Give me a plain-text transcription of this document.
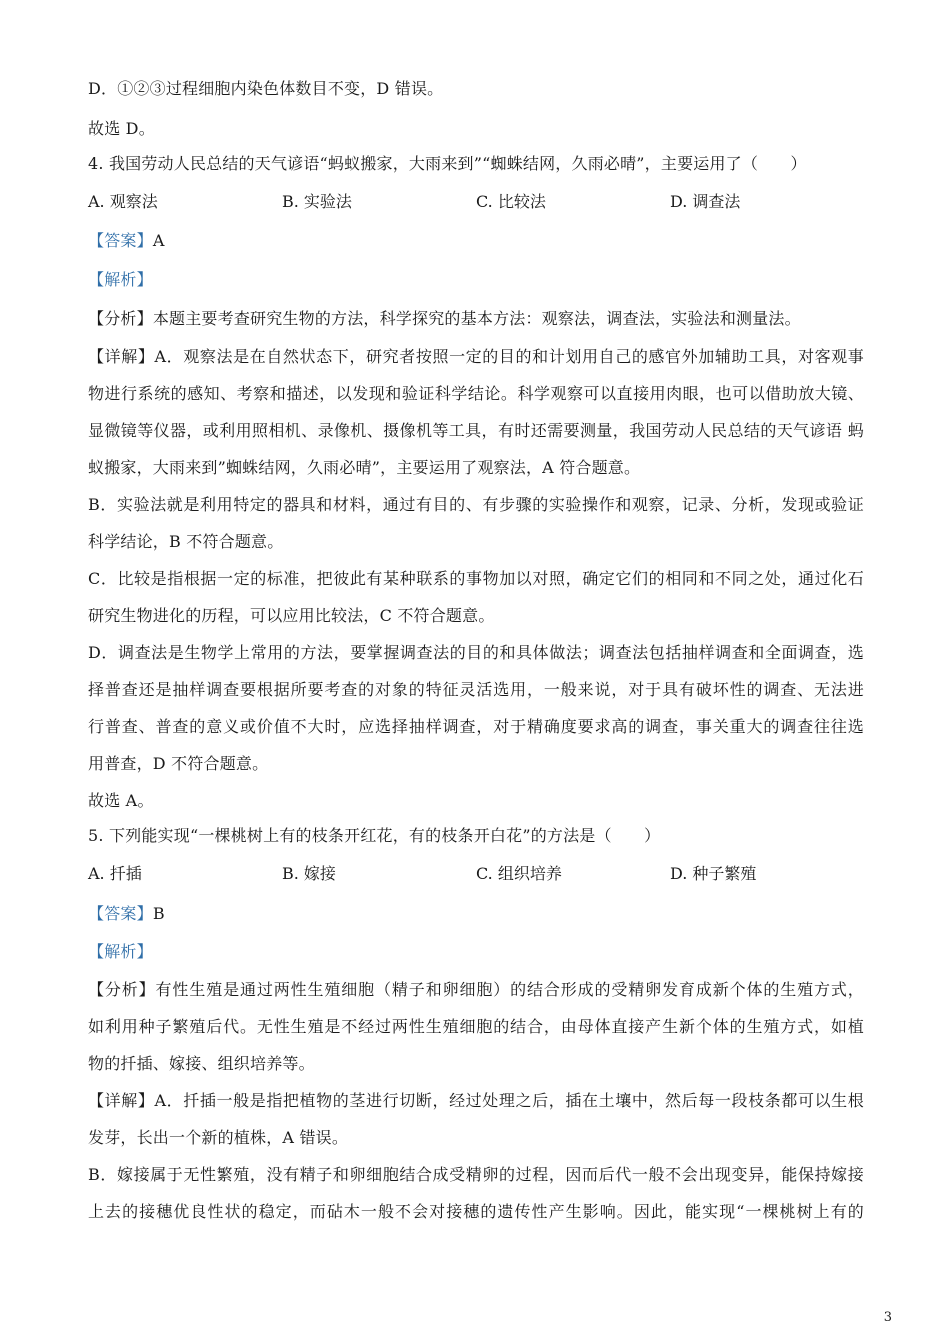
D．①②③过程细胞内染色体数目不变，D 错误。
故选 D。
4. 我国劳动人民总结的天气谚语“蚂蚁搬家，大雨来到”“蜘蛛结网，久雨必晴”，主要运用了（　　）
A. 观察法	B. 实验法	C. 比较法	D. 调查法
【答案】A
【解析】
【分析】本题主要考查研究生物的方法，科学探究的基本方法：观察法，调查法，实验法和测量法。
【详解】A．观察法是在自然状态下，研究者按照一定的目的和计划用自己的感官外加辅助工具，对客观事
物进行系统的感知、考察和描述，以发现和验证科学结论。科学观察可以直接用肉眼，也可以借助放大镜、
显微镜等仪器，或利用照相机、录像机、摄像机等工具，有时还需要测量，我国劳动人民总结的天气谚语 蚂
蚁搬家，大雨来到”蜘蛛结网，久雨必晴”，主要运用了观察法，A 符合题意。
B．实验法就是利用特定的器具和材料，通过有目的、有步骤的实验操作和观察，记录、分析，发现或验证
科学结论，B 不符合题意。
C．比较是指根据一定的标准，把彼此有某种联系的事物加以对照，确定它们的相同和不同之处，通过化石
研究生物进化的历程，可以应用比较法，C 不符合题意。
D．调查法是生物学上常用的方法，要掌握调查法的目的和具体做法；调查法包括抽样调查和全面调查，选
择普查还是抽样调查要根据所要考查的对象的特征灵活选用，一般来说，对于具有破坏性的调查、无法进
行普查、普查的意义或价值不大时，应选择抽样调查，对于精确度要求高的调查，事关重大的调查往往选
用普查，D 不符合题意。
故选 A。
5. 下列能实现“一棵桃树上有的枝条开红花，有的枝条开白花”的方法是（　　）
A. 扦插	B. 嫁接	C. 组织培养	D. 种子繁殖
【答案】B
【解析】
【分析】有性生殖是通过两性生殖细胞（精子和卵细胞）的结合形成的受精卵发育成新个体的生殖方式，
如利用种子繁殖后代。无性生殖是不经过两性生殖细胞的结合，由母体直接产生新个体的生殖方式，如植
物的扦插、嫁接、组织培养等。
【详解】A．扦插一般是指把植物的茎进行切断，经过处理之后，插在土壤中，然后每一段枝条都可以生根
发芽，长出一个新的植株，A 错误。
B．嫁接属于无性繁殖，没有精子和卵细胞结合成受精卵的过程，因而后代一般不会出现变异，能保持嫁接
上去的接穗优良性状的稳定，而砧木一般不会对接穗的遗传性产生影响。因此，能实现“一棵桃树上有的
3
